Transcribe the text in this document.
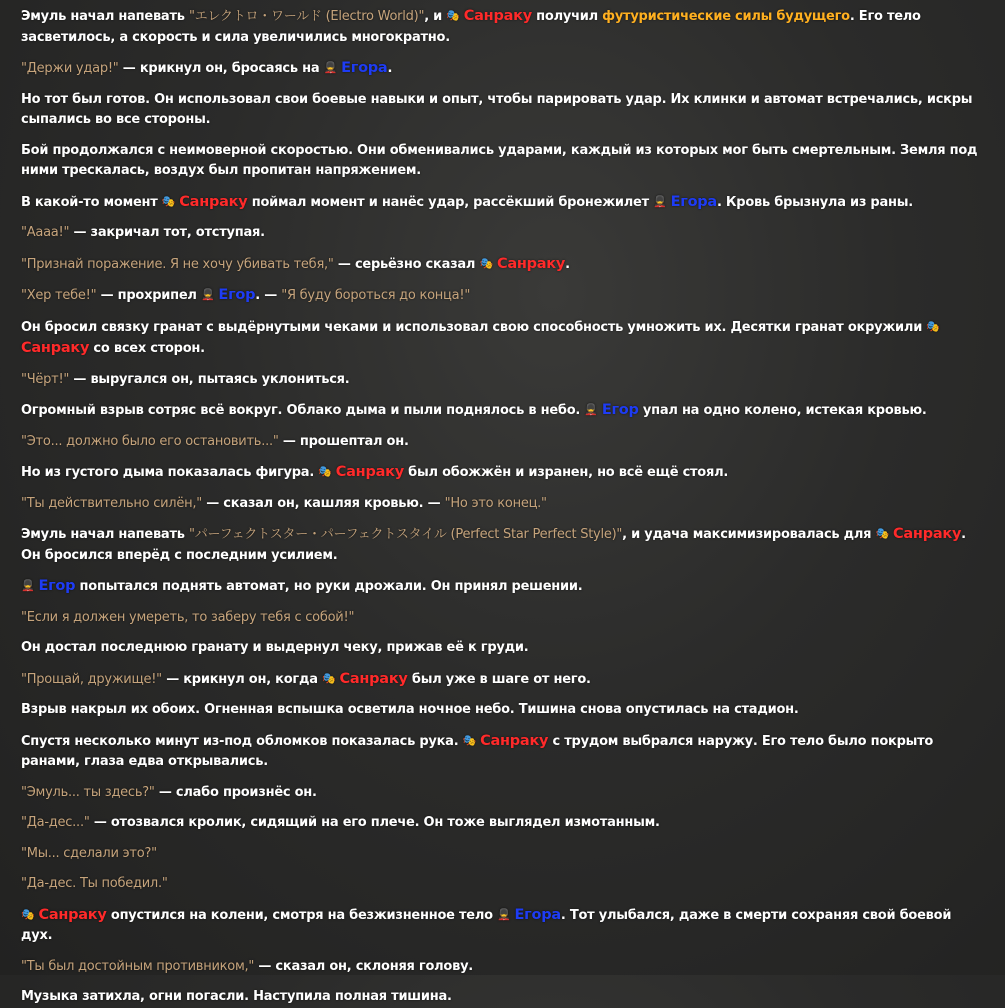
Эмуль начал напевать "エレクトロ・ワールド (Electro World)", и 🎭 Санраку получил футуристические силы будущего. Его тело засветилось, а скорость и сила увеличились многократно.

"Держи удар!" — крикнул он, бросаясь на 💂 Егора.

Но тот был готов. Он использовал свои боевые навыки и опыт, чтобы парировать удар. Их клинки и автомат встречались, искры сыпались во все стороны.

Бой продолжался с неимоверной скоростью. Они обменивались ударами, каждый из которых мог быть смертельным. Земля под ними трескалась, воздух был пропитан напряжением.

В какой-то момент 🎭 Санраку поймал момент и нанёс удар, рассёкший бронежилет 💂 Егора. Кровь брызнула из раны.

"Аааа!" — закричал тот, отступая.

"Признай поражение. Я не хочу убивать тебя," — серьёзно сказал 🎭 Санраку.

"Хер тебе!" — прохрипел 💂 Егор. — "Я буду бороться до конца!"

Он бросил связку гранат с выдёрнутыми чеками и использовал свою способность умножить их. Десятки гранат окружили 🎭Санраку со всех сторон.

"Чёрт!" — выругался он, пытаясь уклониться.

Огромный взрыв сотряс всё вокруг. Облако дыма и пыли поднялось в небо. 💂 Егор упал на одно колено, истекая кровью.

"Это... должно было его остановить..." — прошептал он.

Но из густого дыма показалась фигура. 🎭 Санраку был обожжён и изранен, но всё ещё стоял.

"Ты действительно силён," — сказал он, кашляя кровью. — "Но это конец."

Эмуль начал напевать "パーフェクトスター・パーフェクトスタイル (Perfect Star Perfect Style)", и удача максимизировалась для 🎭 Санраку. Он бросился вперёд с последним усилием.

💂 Егор попытался поднять автомат, но руки дрожали. Он принял решении.

"Если я должен умереть, то заберу тебя с собой!"

Он достал последнюю гранату и выдернул чеку, прижав её к груди.

"Прощай, дружище!" — крикнул он, когда 🎭 Санраку был уже в шаге от него.

Взрыв накрыл их обоих. Огненная вспышка осветила ночное небо. Тишина снова опустилась на стадион.

Спустя несколько минут из-под обломков показалась рука. 🎭 Санраку с трудом выбрался наружу. Его тело было покрыто ранами, глаза едва открывались.

"Эмуль... ты здесь?" — слабо произнёс он.

"Да-дес..." — отозвался кролик, сидящий на его плече. Он тоже выглядел измотанным.

"Мы... сделали это?"

"Да-дес. Ты победил."

🎭 Санраку опустился на колени, смотря на безжизненное тело 💂 Егора. Тот улыбался, даже в смерти сохраняя свой боевой дух.

"Ты был достойным противником," — сказал он, склоняя голову.

Музыка затихла, огни погасли. Наступила полная тишина.
